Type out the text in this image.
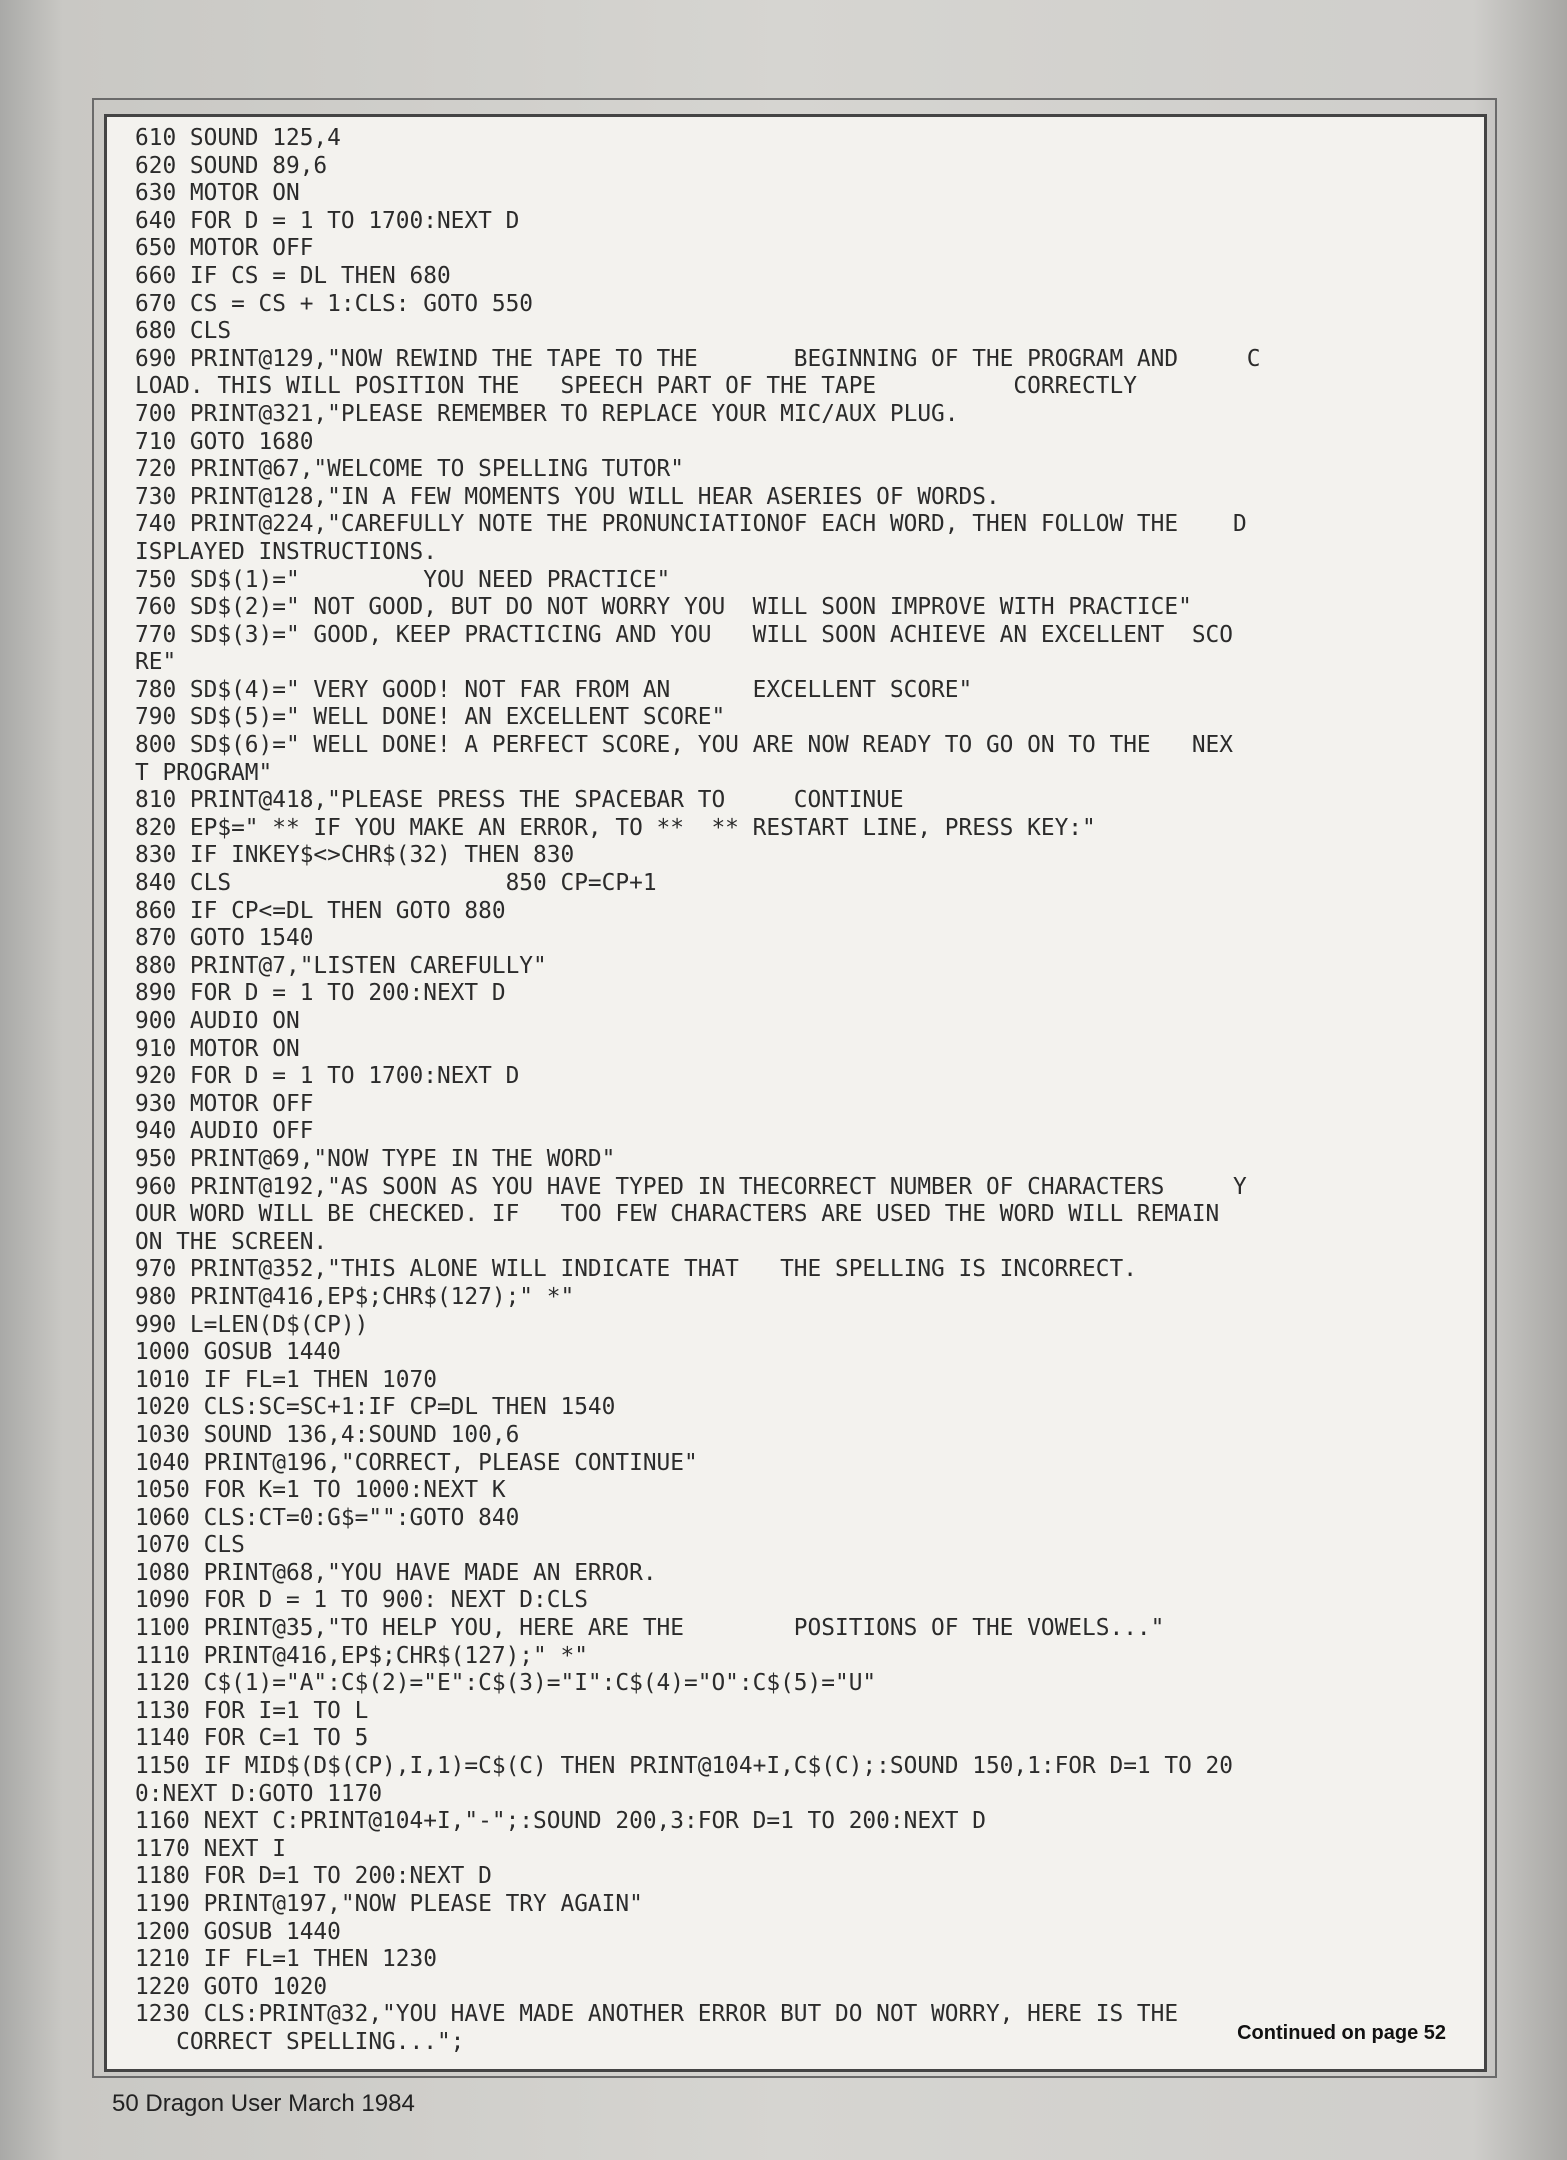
610 SOUND 125,4
620 SOUND 89,6
630 MOTOR ON
640 FOR D = 1 TO 1700:NEXT D
650 MOTOR OFF
660 IF CS = DL THEN 680
670 CS = CS + 1:CLS: GOTO 550
680 CLS
690 PRINT@129,"NOW REWIND THE TAPE TO THE       BEGINNING OF THE PROGRAM AND     C
LOAD. THIS WILL POSITION THE   SPEECH PART OF THE TAPE          CORRECTLY
700 PRINT@321,"PLEASE REMEMBER TO REPLACE YOUR MIC/AUX PLUG.
710 GOTO 1680
720 PRINT@67,"WELCOME TO SPELLING TUTOR"
730 PRINT@128,"IN A FEW MOMENTS YOU WILL HEAR ASERIES OF WORDS.
740 PRINT@224,"CAREFULLY NOTE THE PRONUNCIATIONOF EACH WORD, THEN FOLLOW THE    D
ISPLAYED INSTRUCTIONS.
750 SD$(1)="         YOU NEED PRACTICE"
760 SD$(2)=" NOT GOOD, BUT DO NOT WORRY YOU  WILL SOON IMPROVE WITH PRACTICE"
770 SD$(3)=" GOOD, KEEP PRACTICING AND YOU   WILL SOON ACHIEVE AN EXCELLENT  SCO
RE"
780 SD$(4)=" VERY GOOD! NOT FAR FROM AN      EXCELLENT SCORE"
790 SD$(5)=" WELL DONE! AN EXCELLENT SCORE"
800 SD$(6)=" WELL DONE! A PERFECT SCORE, YOU ARE NOW READY TO GO ON TO THE   NEX
T PROGRAM"
810 PRINT@418,"PLEASE PRESS THE SPACEBAR TO     CONTINUE
820 EP$=" ** IF YOU MAKE AN ERROR, TO **  ** RESTART LINE, PRESS KEY:"
830 IF INKEY$<>CHR$(32) THEN 830
840 CLS                    850 CP=CP+1
860 IF CP<=DL THEN GOTO 880
870 GOTO 1540
880 PRINT@7,"LISTEN CAREFULLY"
890 FOR D = 1 TO 200:NEXT D
900 AUDIO ON
910 MOTOR ON
920 FOR D = 1 TO 1700:NEXT D
930 MOTOR OFF
940 AUDIO OFF
950 PRINT@69,"NOW TYPE IN THE WORD"
960 PRINT@192,"AS SOON AS YOU HAVE TYPED IN THECORRECT NUMBER OF CHARACTERS     Y
OUR WORD WILL BE CHECKED. IF   TOO FEW CHARACTERS ARE USED THE WORD WILL REMAIN
ON THE SCREEN.
970 PRINT@352,"THIS ALONE WILL INDICATE THAT   THE SPELLING IS INCORRECT.
980 PRINT@416,EP$;CHR$(127);" *"
990 L=LEN(D$(CP))
1000 GOSUB 1440
1010 IF FL=1 THEN 1070
1020 CLS:SC=SC+1:IF CP=DL THEN 1540
1030 SOUND 136,4:SOUND 100,6
1040 PRINT@196,"CORRECT, PLEASE CONTINUE"
1050 FOR K=1 TO 1000:NEXT K
1060 CLS:CT=0:G$="":GOTO 840
1070 CLS
1080 PRINT@68,"YOU HAVE MADE AN ERROR.
1090 FOR D = 1 TO 900: NEXT D:CLS
1100 PRINT@35,"TO HELP YOU, HERE ARE THE        POSITIONS OF THE VOWELS..."
1110 PRINT@416,EP$;CHR$(127);" *"
1120 C$(1)="A":C$(2)="E":C$(3)="I":C$(4)="O":C$(5)="U"
1130 FOR I=1 TO L
1140 FOR C=1 TO 5
1150 IF MID$(D$(CP),I,1)=C$(C) THEN PRINT@104+I,C$(C);:SOUND 150,1:FOR D=1 TO 20
0:NEXT D:GOTO 1170
1160 NEXT C:PRINT@104+I,"-";:SOUND 200,3:FOR D=1 TO 200:NEXT D
1170 NEXT I
1180 FOR D=1 TO 200:NEXT D
1190 PRINT@197,"NOW PLEASE TRY AGAIN"
1200 GOSUB 1440
1210 IF FL=1 THEN 1230
1220 GOTO 1020
1230 CLS:PRINT@32,"YOU HAVE MADE ANOTHER ERROR BUT DO NOT WORRY, HERE IS THE
CORRECT SPELLING...";	Continued on page 52
50 Dragon User March 1984
